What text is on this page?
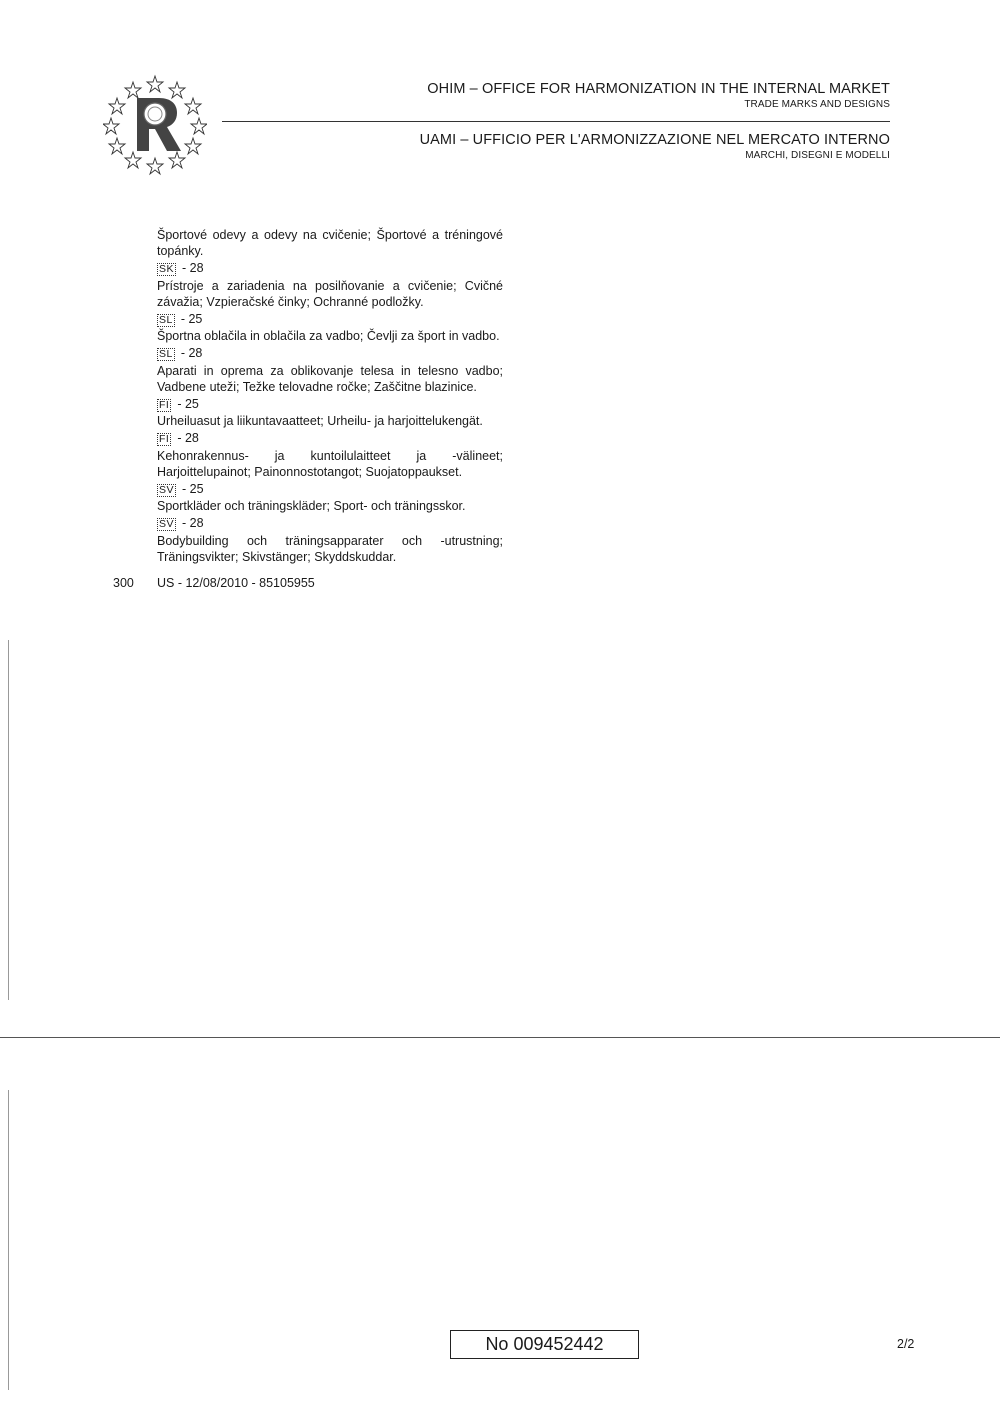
OHIM – OFFICE FOR HARMONIZATION IN THE INTERNAL MARKET
TRADE MARKS AND DESIGNS
UAMI – UFFICIO PER L'ARMONIZZAZIONE NEL MERCATO INTERNO
MARCHI, DISEGNI E MODELLI

Športové odevy a odevy na cvičenie; Športové a tréningové topánky.

SK - 28

Prístroje a zariadenia na posilňovanie a cvičenie; Cvičné závažia; Vzpieračské činky; Ochranné podložky.

SL - 25

Športna oblačila in oblačila za vadbo; Čevlji za šport in vadbo.

SL - 28

Aparati in oprema za oblikovanje telesa in telesno vadbo; Vadbene uteži; Težke telovadne ročke; Zaščitne blazinice.

FI - 25

Urheiluasut ja liikuntavaatteet; Urheilu- ja harjoittelukengät.

FI - 28

Kehonrakennus- ja kuntoilulaitteet ja -välineet; Harjoittelupainot; Painonnostotangot; Suojatoppaukset.

SV - 25

Sportkläder och träningskläder; Sport- och träningsskor.

SV - 28

Bodybuilding och träningsapparater och -utrustning; Träningsvikter; Skivstänger; Skyddskuddar.

300 US - 12/08/2010 - 85105955
No 009452442	2/2
